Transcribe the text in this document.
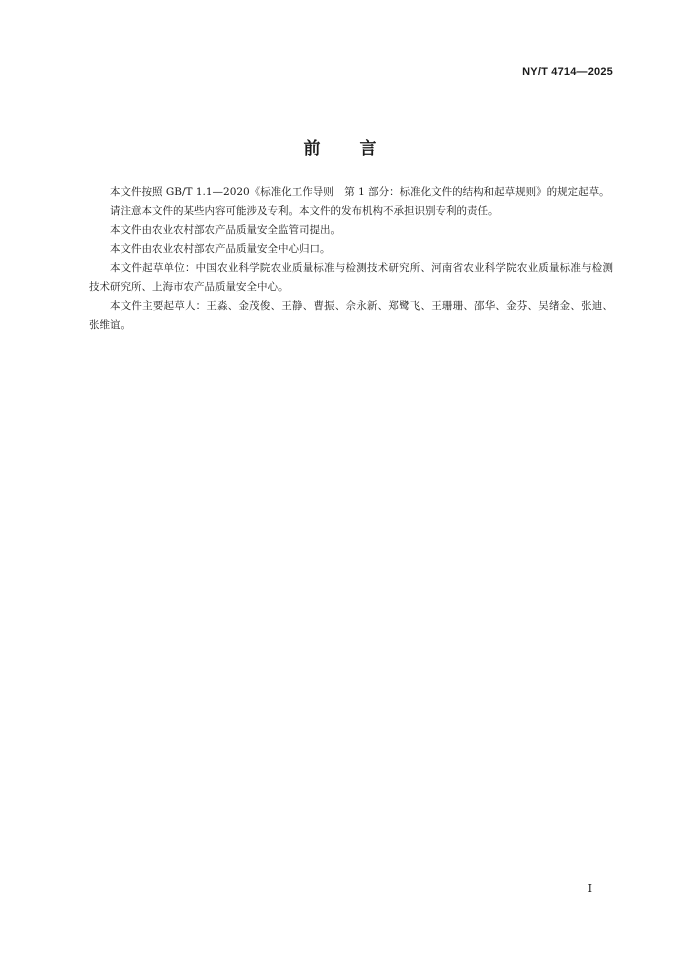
NY/T 4714—2025
前 言

本文件按照 GB/T 1.1—2020《标准化工作导则　第 1 部分：标准化文件的结构和起草规则》的规定起草。

请注意本文件的某些内容可能涉及专利。本文件的发布机构不承担识别专利的责任。

本文件由农业农村部农产品质量安全监管司提出。

本文件由农业农村部农产品质量安全中心归口。

本文件起草单位：中国农业科学院农业质量标准与检测技术研究所、河南省农业科学院农业质量标准与检测技术研究所、上海市农产品质量安全中心。

本文件主要起草人：王淼、金茂俊、王静、曹振、佘永新、郑鹭飞、王珊珊、邵华、金芬、吴绪金、张迪、张维谊。

I
